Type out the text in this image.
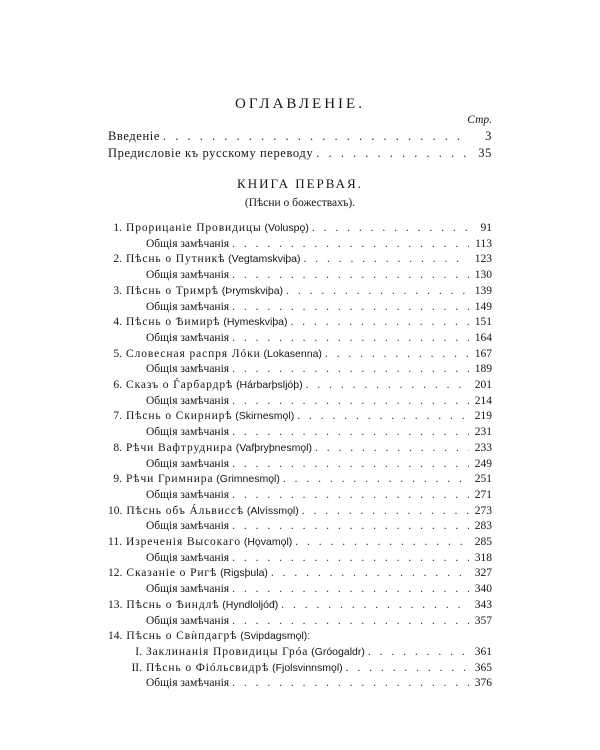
ОГЛАВЛЕНІЕ.
Стр.
Введеніе . . .	3
Предисловіе къ русскому переводу . . .	35
КНИГА ПЕРВАЯ.
(Пѣсни о божествахъ).
1. Прорицаніе Провидицы (Voluspǫ) . . .	91
Общія замѣчанія . . .	113
2. Пѣснь о Путникѣ (Vegtamskviþa) . . .	123
Общія замѣчанія . . .	130
3. Пѣснь о Тримрѣ (Þrymskviþa) . . .	139
Общія замѣчанія . . .	149
4. Пѣснь о Ѣимирѣ (Hymeskviþa) . . .	151
Общія замѣчанія . . .	164
5. Словесная распря Лóки (Lokasenna) . . .	167
Общія замѣчанія . . .	189
6. Сказъ о Ѓарбардрѣ (Hárbarþsljóþ) . . .	201
Общія замѣчанія . . .	214
7. Пѣснь о Скирнирѣ (Skirnesmǫl) . . .	219
Общія замѣчанія . . .	231
8. Рѣчи Вафтруднира (Vafþrуþnesmǫl) . . .	233
Общія замѣчанія . . .	249
9. Рѣчи Гримнира (Grimnesmǫl) . . .	251
Общія замѣчанія . . .	271
10. Пѣснь объ Áльвиссѣ (Alvíssmǫl) . . .	273
Общія замѣчанія . . .	283
11. Изреченія Высокаго (Hǫvamǫl) . . .	285
Общія замѣчанія . . .	318
12. Сказаніе о Ригѣ (Rigsþula) . . .	327
Общія замѣчанія . . .	340
13. Пѣснь о Ѣиндлѣ (Hyndlolјóđ) . . .	343
Общія замѣчанія . . .	357
14. Пѣснь о Свѝпдагрѣ (Svipdagsmǫl):
I. Заклинанія Провидицы Грóа (Gróogaldr) . . .	361
II. Пѣснь о Фióльсвидрѣ (Fjolsvinnsmǫl) . . .	365
Общія замѣчанія . . .	376
